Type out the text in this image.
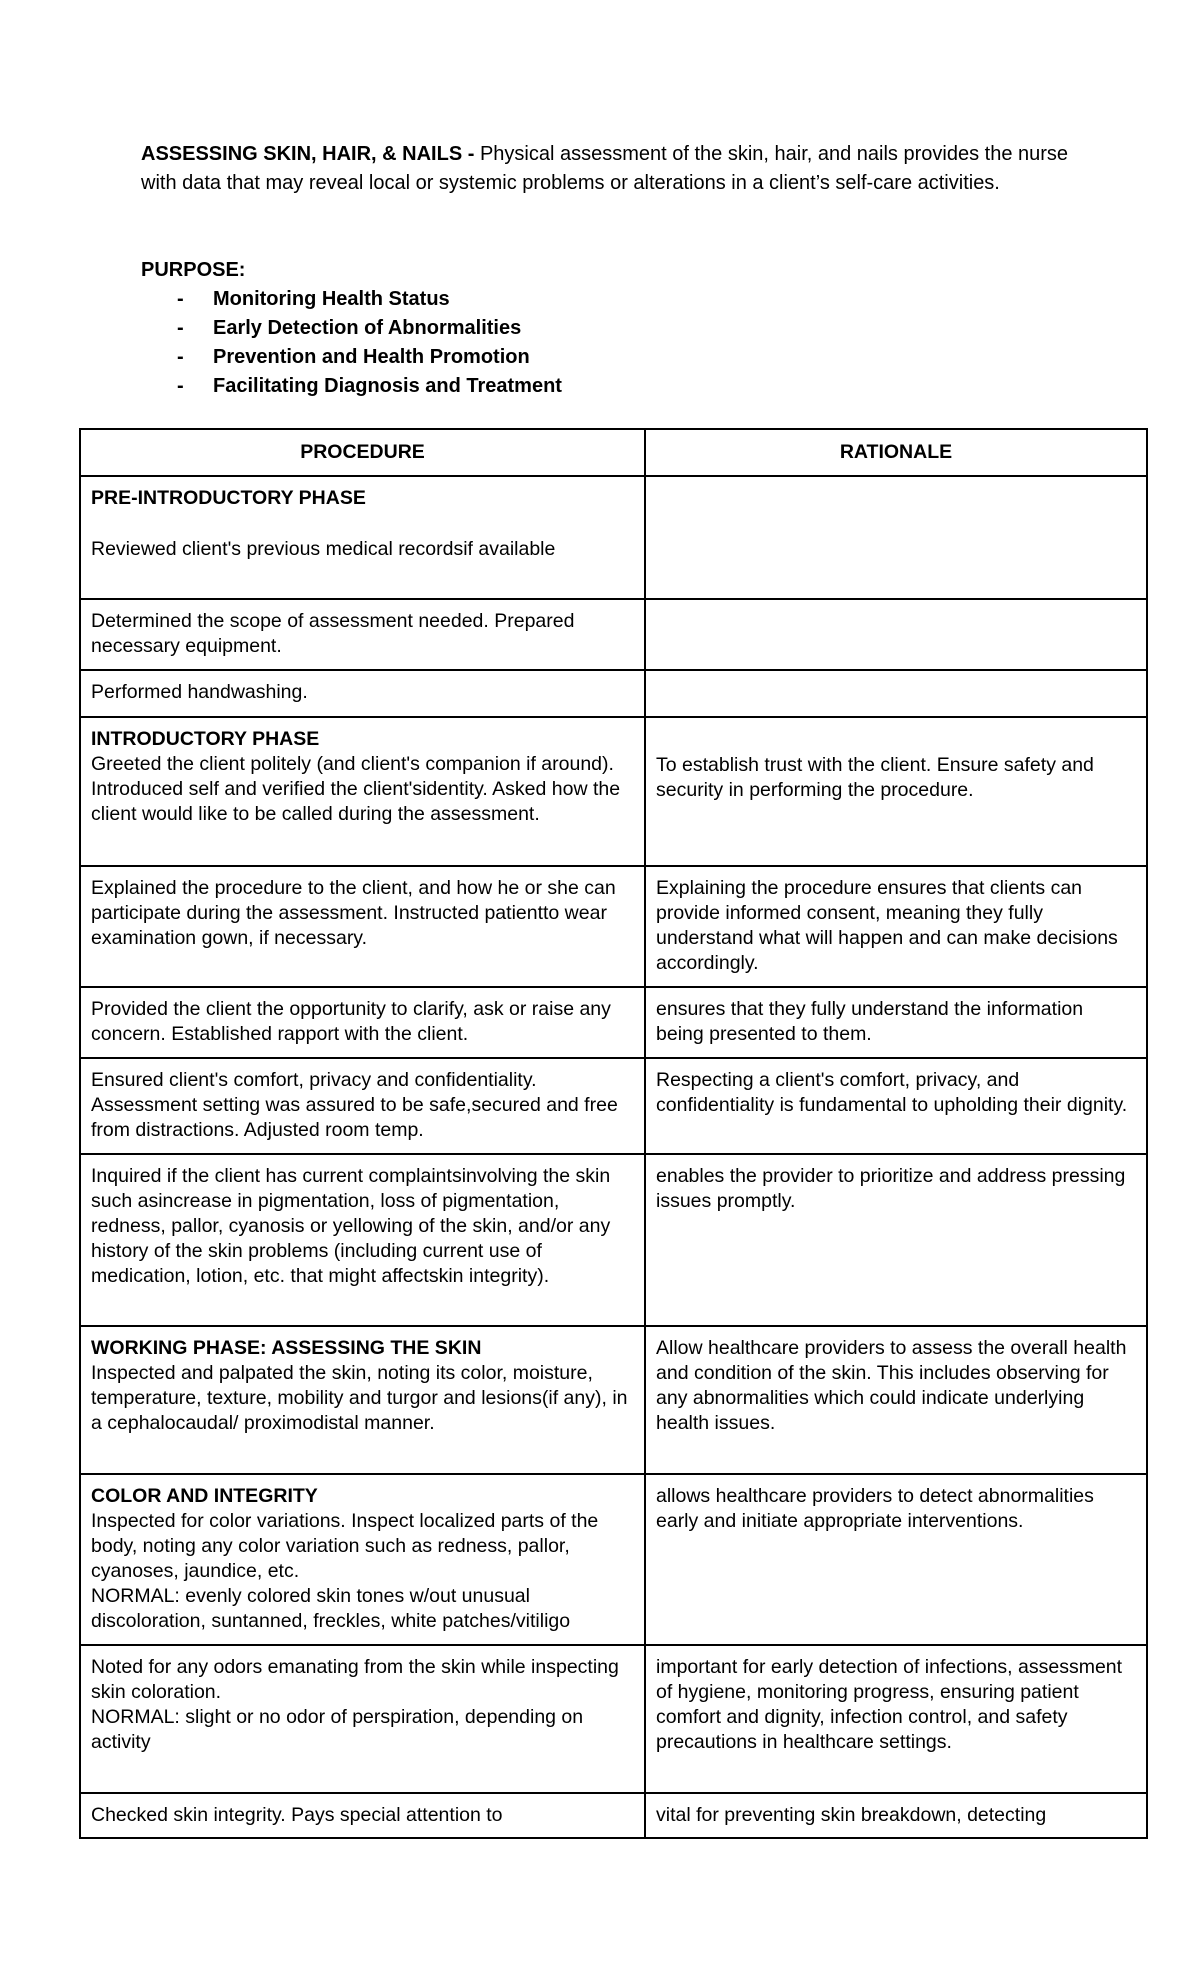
ASSESSING SKIN, HAIR, & NAILS - Physical assessment of the skin, hair, and nails provides the nurse with data that may reveal local or systemic problems or alterations in a client’s self-care activities.
PURPOSE:
- Monitoring Health Status
- Early Detection of Abnormalities
- Prevention and Health Promotion
- Facilitating Diagnosis and Treatment
PROCEDURE	RATIONALE

PRE-INTRODUCTORY PHASE
Reviewed client's previous medical recordsif available	

Determined the scope of assessment needed. Prepared necessary equipment.	
Performed handwashing.	

INTRODUCTORY PHASE
Greeted the client politely (and client's companion if around). Introduced self and verified the client'sidentity. Asked how the client would like to be called during the assessment.	To establish trust with the client. Ensure safety and security in performing the procedure.

Explained the procedure to the client, and how he or she can participate during the assessment. Instructed patientto wear examination gown, if necessary.	Explaining the procedure ensures that clients can provide informed consent, meaning they fully understand what will happen and can make decisions accordingly.
Provided the client the opportunity to clarify, ask or raise any concern. Established rapport with the client.	ensures that they fully understand the information being presented to them.
Ensured client's comfort, privacy and confidentiality. Assessment setting was assured to be safe,secured and free from distractions. Adjusted room temp.	Respecting a client's comfort, privacy, and confidentiality is fundamental to upholding their dignity.
Inquired if the client has current complaintsinvolving the skin such asincrease in pigmentation, loss of pigmentation, redness, pallor, cyanosis or yellowing of the skin, and/or any history of the skin problems (including current use of medication, lotion, etc. that might affectskin integrity).	enables the provider to prioritize and address pressing issues promptly.

WORKING PHASE: ASSESSING THE SKIN
Inspected and palpated the skin, noting its color, moisture, temperature, texture, mobility and turgor and lesions(if any), in a cephalocaudal/ proximodistal manner.	Allow healthcare providers to assess the overall health and condition of the skin. This includes observing for any abnormalities which could indicate underlying health issues.

COLOR AND INTEGRITY
Inspected for color variations. Inspect localized parts of the body, noting any color variation such as redness, pallor, cyanoses, jaundice, etc.
NORMAL: evenly colored skin tones w/out unusual discoloration, suntanned, freckles, white patches/vitiligo	allows healthcare providers to detect abnormalities early and initiate appropriate interventions.

Noted for any odors emanating from the skin while inspecting skin coloration.
NORMAL: slight or no odor of perspiration, depending on activity	important for early detection of infections, assessment of hygiene, monitoring progress, ensuring patient comfort and dignity, infection control, and safety precautions in healthcare settings.
Checked skin integrity. Pays special attention to	vital for preventing skin breakdown, detecting
